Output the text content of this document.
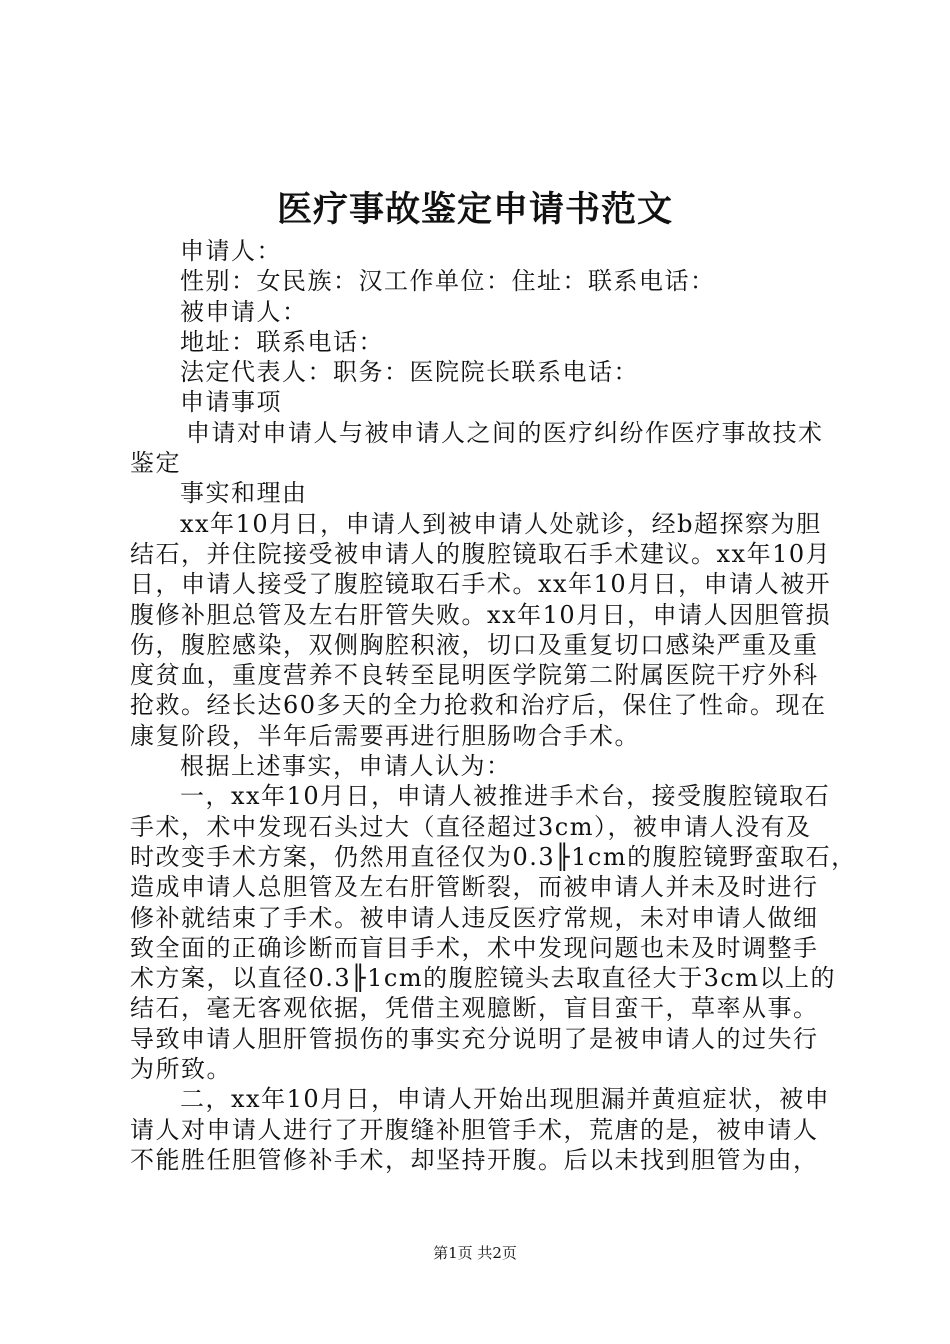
医疗事故鉴定申请书范文
申请人：
性别：女民族：汉工作单位：住址：联系电话：
被申请人：
地址：联系电话：
法定代表人：职务：医院院长联系电话：
申请事项
申请对申请人与被申请人之间的医疗纠纷作医疗事故技术
鉴定
事实和理由
xx年10月日，申请人到被申请人处就诊，经b超探察为胆
结石，并住院接受被申请人的腹腔镜取石手术建议。xx年10月
日，申请人接受了腹腔镜取石手术。xx年10月日，申请人被开
腹修补胆总管及左右肝管失败。xx年10月日，申请人因胆管损
伤，腹腔感染，双侧胸腔积液，切口及重复切口感染严重及重
度贫血，重度营养不良转至昆明医学院第二附属医院干疗外科
抢救。经长达60多天的全力抢救和治疗后，保住了性命。现在
康复阶段，半年后需要再进行胆肠吻合手术。
根据上述事实，申请人认为：
一，xx年10月日，申请人被推进手术台，接受腹腔镜取石
手术，术中发现石头过大（直径超过3cm），被申请人没有及
时改变手术方案，仍然用直径仅为0.3╟1cm的腹腔镜野蛮取石，
造成申请人总胆管及左右肝管断裂，而被申请人并未及时进行
修补就结束了手术。被申请人违反医疗常规，未对申请人做细
致全面的正确诊断而盲目手术，术中发现问题也未及时调整手
术方案，以直径0.3╟1cm的腹腔镜头去取直径大于3cm以上的
结石，毫无客观依据，凭借主观臆断，盲目蛮干，草率从事。
导致申请人胆肝管损伤的事实充分说明了是被申请人的过失行
为所致。
二，xx年10月日，申请人开始出现胆漏并黄疸症状，被申
请人对申请人进行了开腹缝补胆管手术，荒唐的是，被申请人
不能胜任胆管修补手术，却坚持开腹。后以未找到胆管为由，
第1页 共2页
